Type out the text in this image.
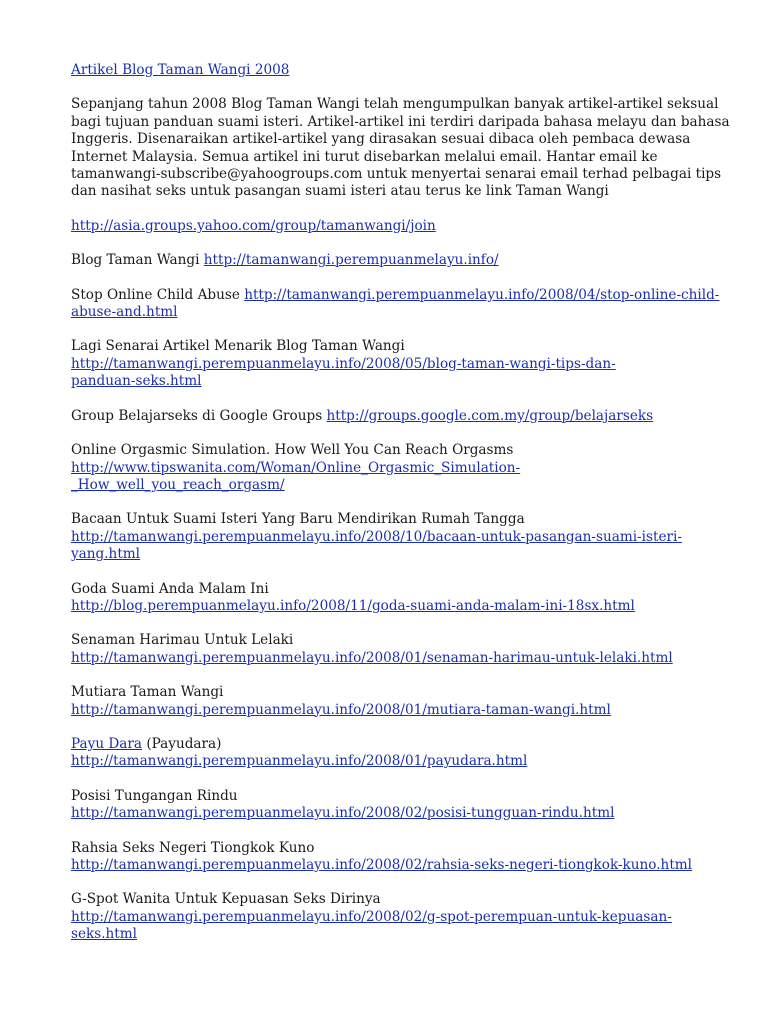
Artikel Blog Taman Wangi 2008

Sepanjang tahun 2008 Blog Taman Wangi telah mengumpulkan banyak artikel-artikel seksual bagi tujuan panduan suami isteri. Artikel-artikel ini terdiri daripada bahasa melayu dan bahasa Inggeris. Disenaraikan artikel-artikel yang dirasakan sesuai dibaca oleh pembaca dewasa Internet Malaysia. Semua artikel ini turut disebarkan melalui email. Hantar email ke tamanwangi-subscribe@yahoogroups.com untuk menyertai senarai email terhad pelbagai tips dan nasihat seks untuk pasangan suami isteri atau terus ke link Taman Wangi

http://asia.groups.yahoo.com/group/tamanwangi/join
Blog Taman Wangi http://tamanwangi.perempuanmelayu.info/
Stop Online Child Abuse http://tamanwangi.perempuanmelayu.info/2008/04/stop-online-child-abuse-and.html
Lagi Senarai Artikel Menarik Blog Taman Wangi http://tamanwangi.perempuanmelayu.info/2008/05/blog-taman-wangi-tips-dan-panduan-seks.html
Group Belajarseks di Google Groups http://groups.google.com.my/group/belajarseks
Online Orgasmic Simulation. How Well You Can Reach Orgasms
http://www.tipswanita.com/Woman/Online_Orgasmic_Simulation-_How_well_you_reach_orgasm/
Bacaan Untuk Suami Isteri Yang Baru Mendirikan Rumah Tangga
http://tamanwangi.perempuanmelayu.info/2008/10/bacaan-untuk-pasangan-suami-isteri-yang.html
Goda Suami Anda Malam Ini
http://blog.perempuanmelayu.info/2008/11/goda-suami-anda-malam-ini-18sx.html
Senaman Harimau Untuk Lelaki
http://tamanwangi.perempuanmelayu.info/2008/01/senaman-harimau-untuk-lelaki.html
Mutiara Taman Wangi
http://tamanwangi.perempuanmelayu.info/2008/01/mutiara-taman-wangi.html
Payu Dara (Payudara)
http://tamanwangi.perempuanmelayu.info/2008/01/payudara.html
Posisi Tungangan Rindu
http://tamanwangi.perempuanmelayu.info/2008/02/posisi-tungguan-rindu.html
Rahsia Seks Negeri Tiongkok Kuno
http://tamanwangi.perempuanmelayu.info/2008/02/rahsia-seks-negeri-tiongkok-kuno.html
G-Spot Wanita Untuk Kepuasan Seks Dirinya
http://tamanwangi.perempuanmelayu.info/2008/02/g-spot-perempuan-untuk-kepuasan-seks.html
